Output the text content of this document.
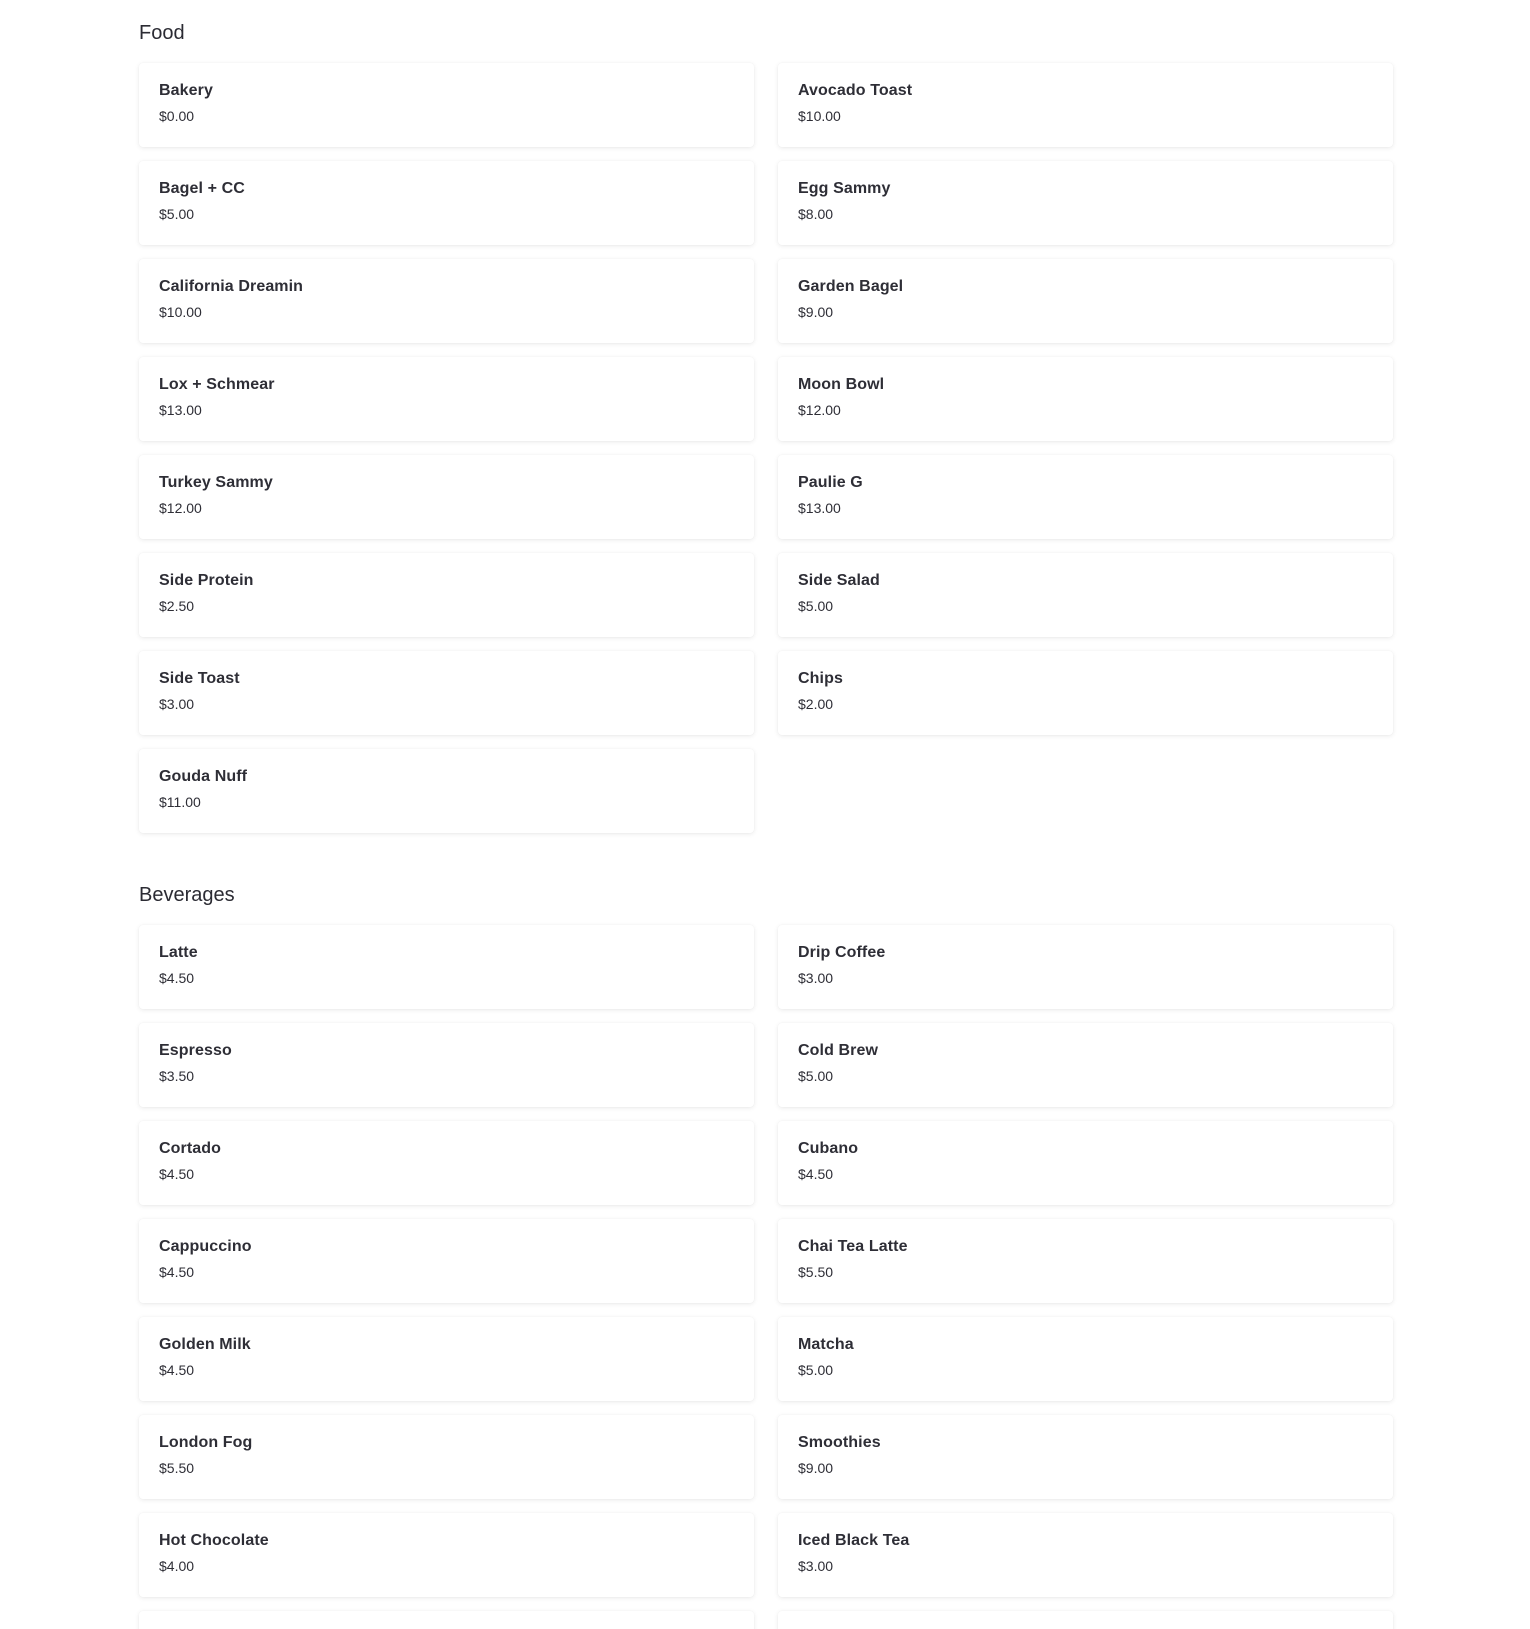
Food
Bakery
$0.00
Avocado Toast
$10.00
Bagel + CC
$5.00
Egg Sammy
$8.00
California Dreamin
$10.00
Garden Bagel
$9.00
Lox + Schmear
$13.00
Moon Bowl
$12.00
Turkey Sammy
$12.00
Paulie G
$13.00
Side Protein
$2.50
Side Salad
$5.00
Side Toast
$3.00
Chips
$2.00
Gouda Nuff
$11.00
Beverages
Latte
$4.50
Drip Coffee
$3.00
Espresso
$3.50
Cold Brew
$5.00
Cortado
$4.50
Cubano
$4.50
Cappuccino
$4.50
Chai Tea Latte
$5.50
Golden Milk
$4.50
Matcha
$5.00
London Fog
$5.50
Smoothies
$9.00
Hot Chocolate
$4.00
Iced Black Tea
$3.00
